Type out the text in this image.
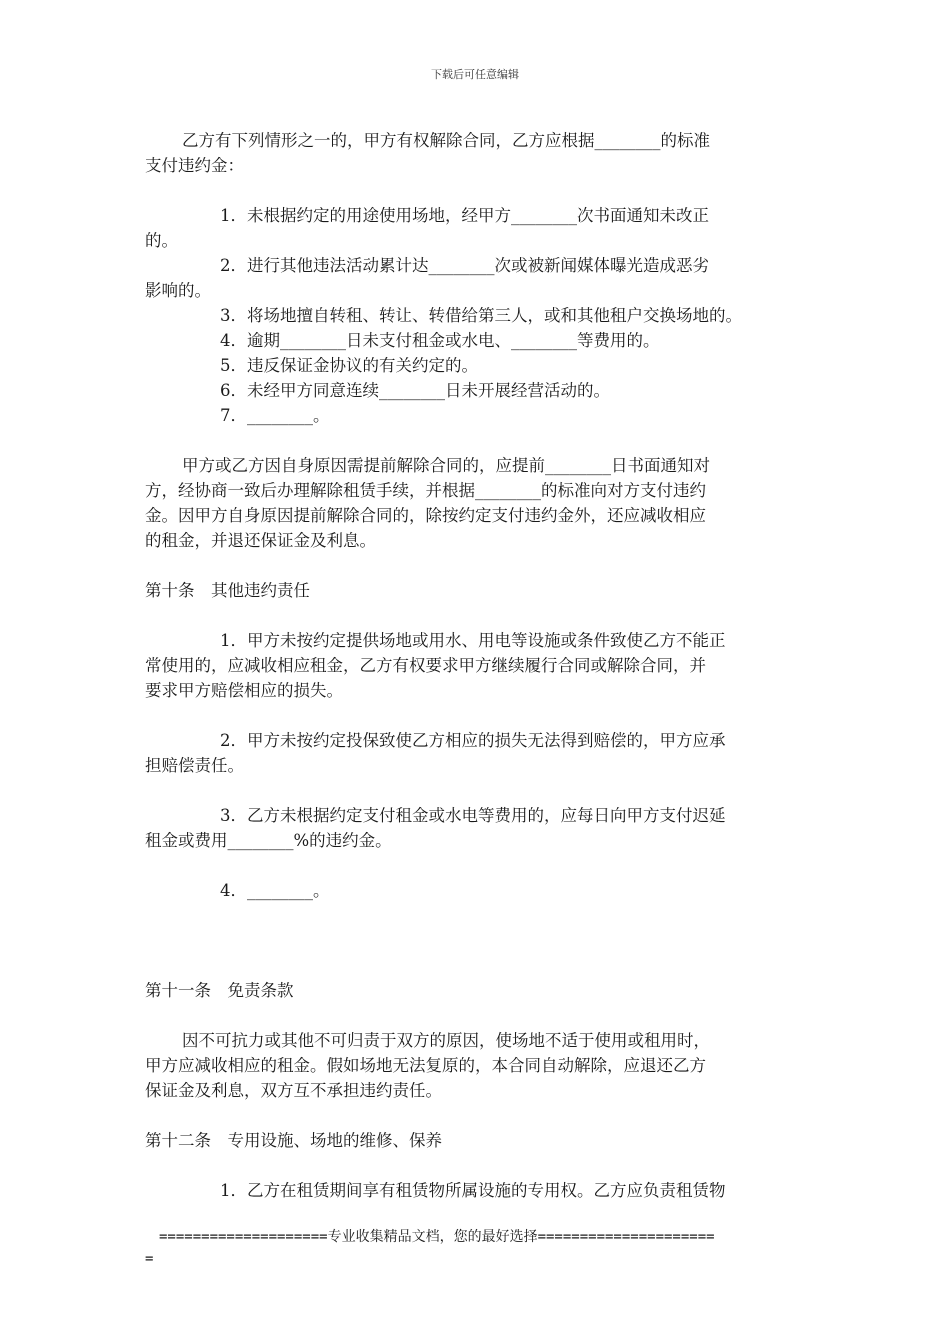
下载后可任意编辑
乙方有下列情形之一的，甲方有权解除合同，乙方应根据________的标准
支付违约金：
1．未根据约定的用途使用场地，经甲方________次书面通知未改正
的。
2．进行其他违法活动累计达________次或被新闻媒体曝光造成恶劣
影响的。
3．将场地擅自转租、转让、转借给第三人，或和其他租户交换场地的。
4．逾期________日未支付租金或水电、________等费用的。
5．违反保证金协议的有关约定的。
6．未经甲方同意连续________日未开展经营活动的。
7．________。
甲方或乙方因自身原因需提前解除合同的，应提前________日书面通知对
方，经协商一致后办理解除租赁手续，并根据________的标准向对方支付违约
金。因甲方自身原因提前解除合同的，除按约定支付违约金外，还应减收相应
的租金，并退还保证金及利息。
第十条　其他违约责任
1．甲方未按约定提供场地或用水、用电等设施或条件致使乙方不能正
常使用的，应减收相应租金，乙方有权要求甲方继续履行合同或解除合同，并
要求甲方赔偿相应的损失。
2．甲方未按约定投保致使乙方相应的损失无法得到赔偿的，甲方应承
担赔偿责任。
3．乙方未根据约定支付租金或水电等费用的，应每日向甲方支付迟延
租金或费用________%的违约金。
4．________。
第十一条　免责条款
因不可抗力或其他不可归责于双方的原因，使场地不适于使用或租用时，
甲方应减收相应的租金。假如场地无法复原的，本合同自动解除，应退还乙方
保证金及利息，双方互不承担违约责任。
第十二条　专用设施、场地的维修、保养
1．乙方在租赁期间享有租赁物所属设施的专用权。乙方应负责租赁物
====================专业收集精品文档，您的最好选择=====================
=
